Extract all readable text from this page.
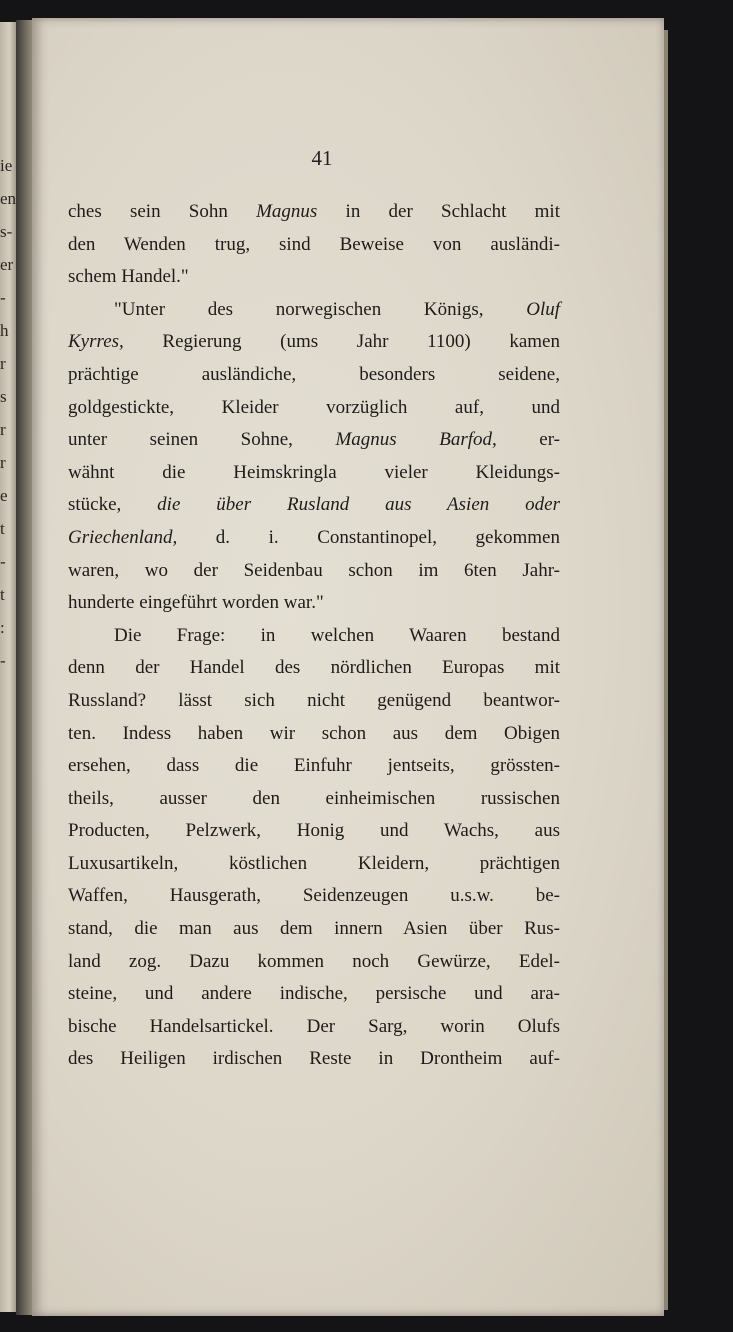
ie
en
s-
er
-
h
r
s
r
r
e
t
-
t
:
-
41
ches sein Sohn Magnus in der Schlacht mit
den Wenden trug, sind Beweise von ausländi-
schem Handel."
"Unter des norwegischen Königs, Oluf
Kyrres, Regierung (ums Jahr 1100) kamen
prächtige ausländiche, besonders seidene,
goldgestickte, Kleider vorzüglich auf, und
unter seinen Sohne, Magnus Barfod, er-
wähnt die Heimskringla vieler Kleidungs-
stücke, die über Rusland aus Asien oder
Griechenland, d. i. Constantinopel, gekommen
waren, wo der Seidenbau schon im 6ten Jahr-
hunderte eingeführt worden war."
Die Frage: in welchen Waaren bestand
denn der Handel des nördlichen Europas mit
Russland? lässt sich nicht genügend beantwor-
ten. Indess haben wir schon aus dem Obigen
ersehen, dass die Einfuhr jentseits, grössten-
theils, ausser den einheimischen russischen
Producten, Pelzwerk, Honig und Wachs, aus
Luxusartikeln, köstlichen Kleidern, prächtigen
Waffen, Hausgerath, Seidenzeugen u.s.w. be-
stand, die man aus dem innern Asien über Rus-
land zog. Dazu kommen noch Gewürze, Edel-
steine, und andere indische, persische und ara-
bische Handelsartickel. Der Sarg, worin Olufs
des Heiligen irdischen Reste in Drontheim auf-
